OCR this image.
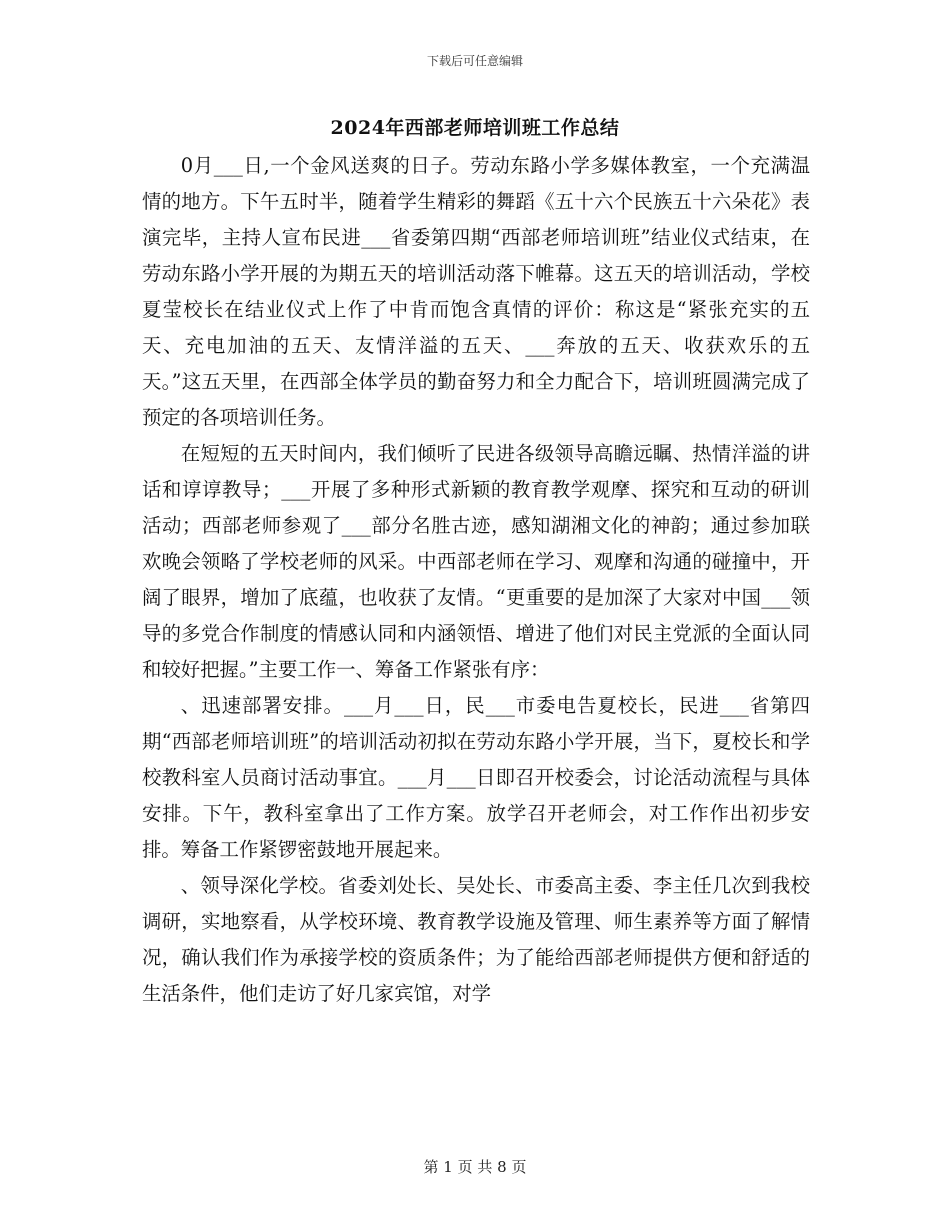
下载后可任意编辑
2024年西部老师培训班工作总结

0月___日,一个金风送爽的日子。劳动东路小学多媒体教室，一个充满温情的地方。下午五时半，随着学生精彩的舞蹈《五十六个民族五十六朵花》表演完毕，主持人宣布民进___省委第四期“西部老师培训班”结业仪式结束，在劳动东路小学开展的为期五天的培训活动落下帷幕。这五天的培训活动，学校夏莹校长在结业仪式上作了中肯而饱含真情的评价：称这是“紧张充实的五天、充电加油的五天、友情洋溢的五天、___奔放的五天、收获欢乐的五天。”这五天里，在西部全体学员的勤奋努力和全力配合下，培训班圆满完成了预定的各项培训任务。

在短短的五天时间内，我们倾听了民进各级领导高瞻远瞩、热情洋溢的讲话和谆谆教导；___开展了多种形式新颖的教育教学观摩、探究和互动的研训活动；西部老师参观了___部分名胜古迹，感知湖湘文化的神韵；通过参加联欢晚会领略了学校老师的风采。中西部老师在学习、观摩和沟通的碰撞中，开阔了眼界，增加了底蕴，也收获了友情。“更重要的是加深了大家对中国___领导的多党合作制度的情感认同和内涵领悟、增进了他们对民主党派的全面认同和较好把握。”主要工作一、筹备工作紧张有序：

、迅速部署安排。___月___日，民___市委电告夏校长，民进___省第四期“西部老师培训班”的培训活动初拟在劳动东路小学开展，当下，夏校长和学校教科室人员商讨活动事宜。___月___日即召开校委会，讨论活动流程与具体安排。下午，教科室拿出了工作方案。放学召开老师会，对工作作出初步安排。筹备工作紧锣密鼓地开展起来。

、领导深化学校。省委刘处长、吴处长、市委高主委、李主任几次到我校调研，实地察看，从学校环境、教育教学设施及管理、师生素养等方面了解情况，确认我们作为承接学校的资质条件；为了能给西部老师提供方便和舒适的生活条件，他们走访了好几家宾馆，对学

第 1 页 共 8 页
